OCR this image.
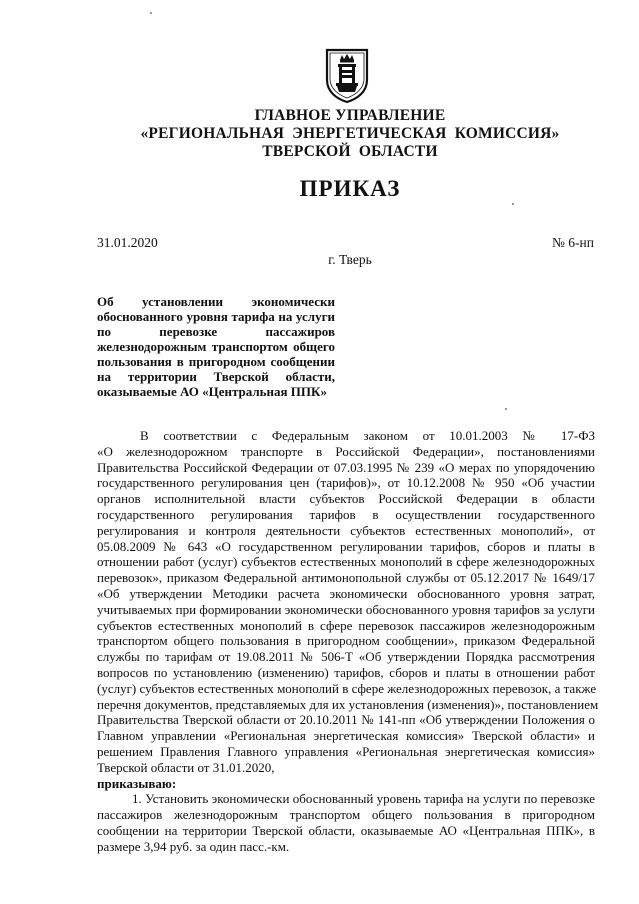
ГЛАВНОЕ УПРАВЛЕНИЕ
«РЕГИОНАЛЬНАЯ  ЭНЕРГЕТИЧЕСКАЯ  КОМИССИЯ»
ТВЕРСКОЙ  ОБЛАСТИ
ПРИКАЗ
31.01.2020	№ 6-нп
г. Тверь
Об установлении экономически
обоснованного уровня тарифа на услуги
по перевозке пассажиров
железнодорожным транспортом общего
пользования в пригородном сообщении
на территории Тверской области,
оказываемые АО «Центральная ППК»
В соответствии с Федеральным законом от 10.01.2003 № 17-ФЗ
«О железнодорожном транспорте в Российской Федерации», постановлениями
Правительства Российской Федерации от 07.03.1995 № 239 «О мерах по упорядочению
государственного регулирования цен (тарифов)», от 10.12.2008 № 950 «Об участии
органов исполнительной власти субъектов Российской Федерации в области
государственного регулирования тарифов в осуществлении государственного
регулирования и контроля деятельности субъектов естественных монополий», от
05.08.2009 № 643 «О государственном регулировании тарифов, сборов и платы в
отношении работ (услуг) субъектов естественных монополий в сфере железнодорожных
перевозок», приказом Федеральной антимонопольной службы от 05.12.2017 № 1649/17
«Об утверждении Методики расчета экономически обоснованного уровня затрат,
учитываемых при формировании экономически обоснованного уровня тарифов за услуги
субъектов естественных монополий в сфере перевозок пассажиров железнодорожным
транспортом общего пользования в пригородном сообщении», приказом Федеральной
службы по тарифам от 19.08.2011 № 506-Т «Об утверждении Порядка рассмотрения
вопросов по установлению (изменению) тарифов, сборов и платы в отношении работ
(услуг) субъектов естественных монополий в сфере железнодорожных перевозок, а также
перечня документов, представляемых для их установления (изменения)», постановлением
Правительства Тверской области от 20.10.2011 № 141-пп «Об утверждении Положения о
Главном управлении «Региональная энергетическая комиссия» Тверской области» и
решением Правления Главного управления «Региональная энергетическая комиссия»
Тверской области от 31.01.2020,
приказываю:
1. Установить экономически обоснованный уровень тарифа на услуги по перевозке
пассажиров железнодорожным транспортом общего пользования в пригородном
сообщении на территории Тверской области, оказываемые АО «Центральная ППК», в
размере 3,94 руб. за один пасс.-км.
